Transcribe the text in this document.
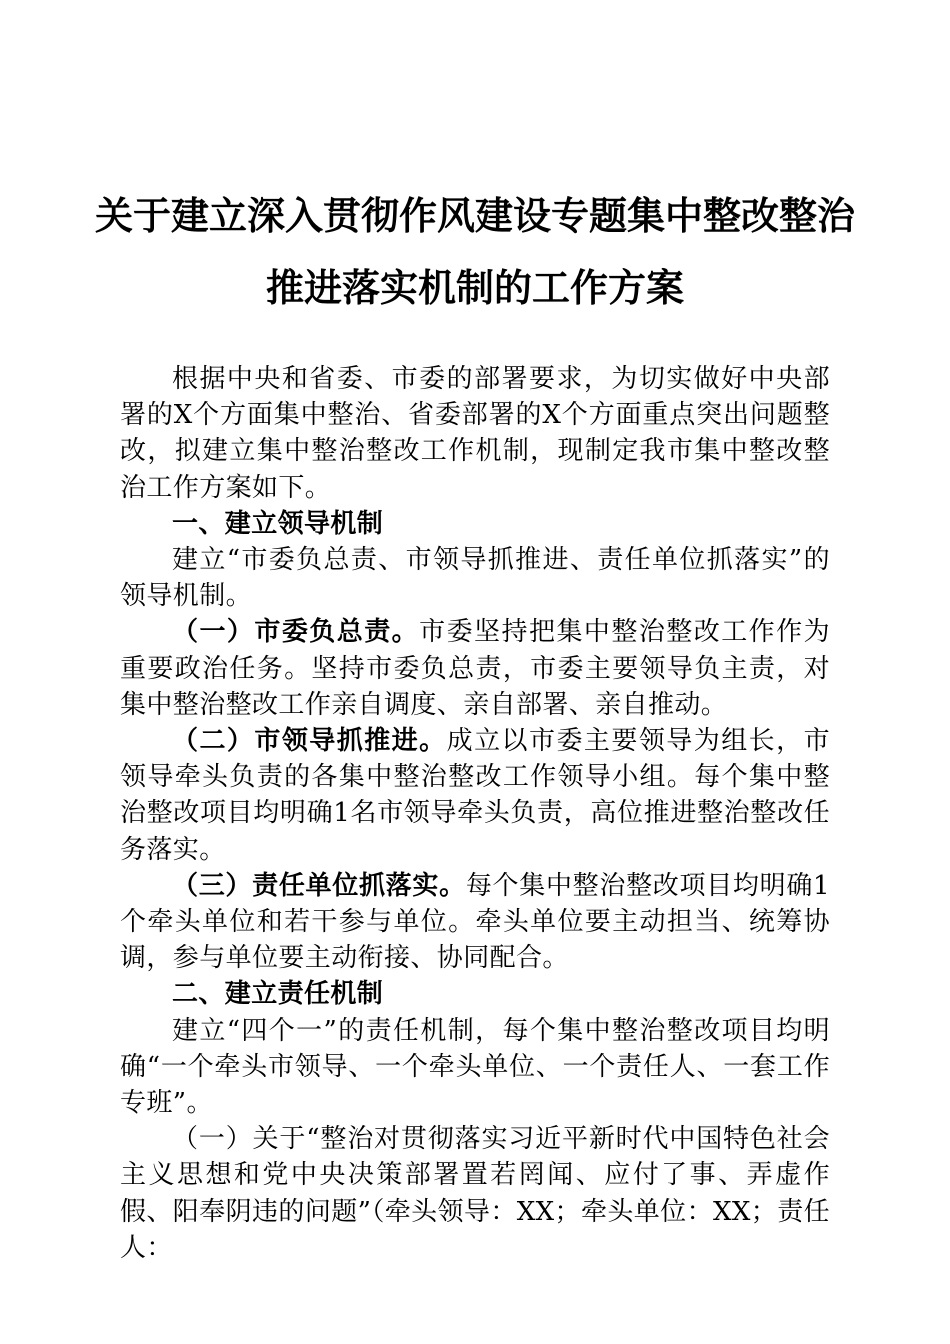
关于建立深入贯彻作风建设专题集中整改整治
推进落实机制的工作方案

根据中央和省委、市委的部署要求，为切实做好中央部署的X个方面集中整治、省委部署的X个方面重点突出问题整改，拟建立集中整治整改工作机制，现制定我市集中整改整治工作方案如下。

一、建立领导机制

建立“市委负总责、市领导抓推进、责任单位抓落实”的领导机制。

（一）市委负总责。市委坚持把集中整治整改工作作为重要政治任务。坚持市委负总责，市委主要领导负主责，对集中整治整改工作亲自调度、亲自部署、亲自推动。

（二）市领导抓推进。成立以市委主要领导为组长，市领导牵头负责的各集中整治整改工作领导小组。每个集中整治整改项目均明确1名市领导牵头负责，高位推进整治整改任务落实。

（三）责任单位抓落实。每个集中整治整改项目均明确1个牵头单位和若干参与单位。牵头单位要主动担当、统筹协调，参与单位要主动衔接、协同配合。

二、建立责任机制

建立“四个一”的责任机制，每个集中整治整改项目均明确“一个牵头市领导、一个牵头单位、一个责任人、一套工作专班”。

（一）关于“整治对贯彻落实习近平新时代中国特色社会主义思想和党中央决策部署置若罔闻、应付了事、弄虚作假、阳奉阴违的问题”（牵头领导：XX；牵头单位：XX；责任人：
